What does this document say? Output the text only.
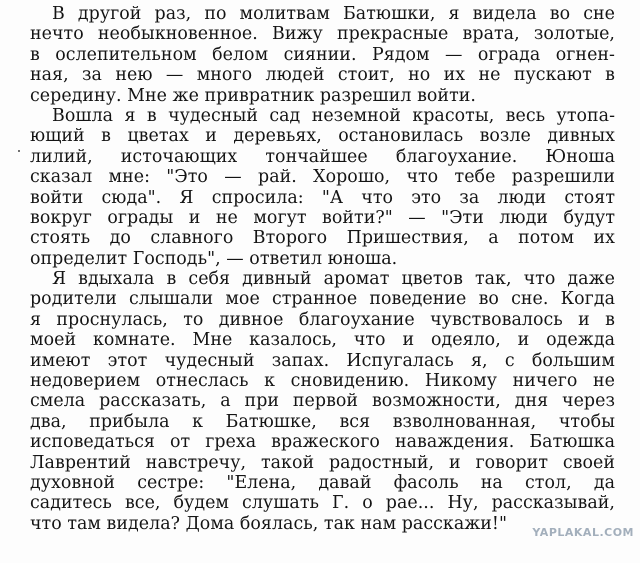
В другой раз, по молитвам Батюшки, я видела во сне
нечто необыкновенное. Вижу прекрасные врата, золотые,
в ослепительном белом сиянии. Рядом — ограда огнен-
ная, за нею — много людей стоит, но их не пускают в
середину. Мне же привратник разрешил войти.
Вошла я в чудесный сад неземной красоты, весь утопа-
ющий в цветах и деревьях, остановилась возле дивных
лилий, источающих тончайшее благоухание. Юноша
сказал мне: "Это — рай. Хорошо, что тебе разрешили
войти сюда". Я спросила: "А что это за люди стоят
вокруг ограды и не могут войти?" — "Эти люди будут
стоять до славного Второго Пришествия, а потом их
определит Господь", — ответил юноша.
Я вдыхала в себя дивный аромат цветов так, что даже
родители слышали мое странное поведение во сне. Когда
я проснулась, то дивное благоухание чувствовалось и в
моей комнате. Мне казалось, что и одеяло, и одежда
имеют этот чудесный запах. Испугалась я, с большим
недоверием отнеслась к сновидению. Никому ничего не
смела рассказать, а при первой возможности, дня через
два, прибыла к Батюшке, вся взволнованная, чтобы
исповедаться от греха вражеского наваждения. Батюшка
Лаврентий навстречу, такой радостный, и говорит своей
духовной сестре: "Елена, давай фасоль на стол, да
садитесь все, будем слушать Г. о рае... Ну, рассказывай,
что там видела? Дома боялась, так нам расскажи!"	YAPLAKAL.COM
